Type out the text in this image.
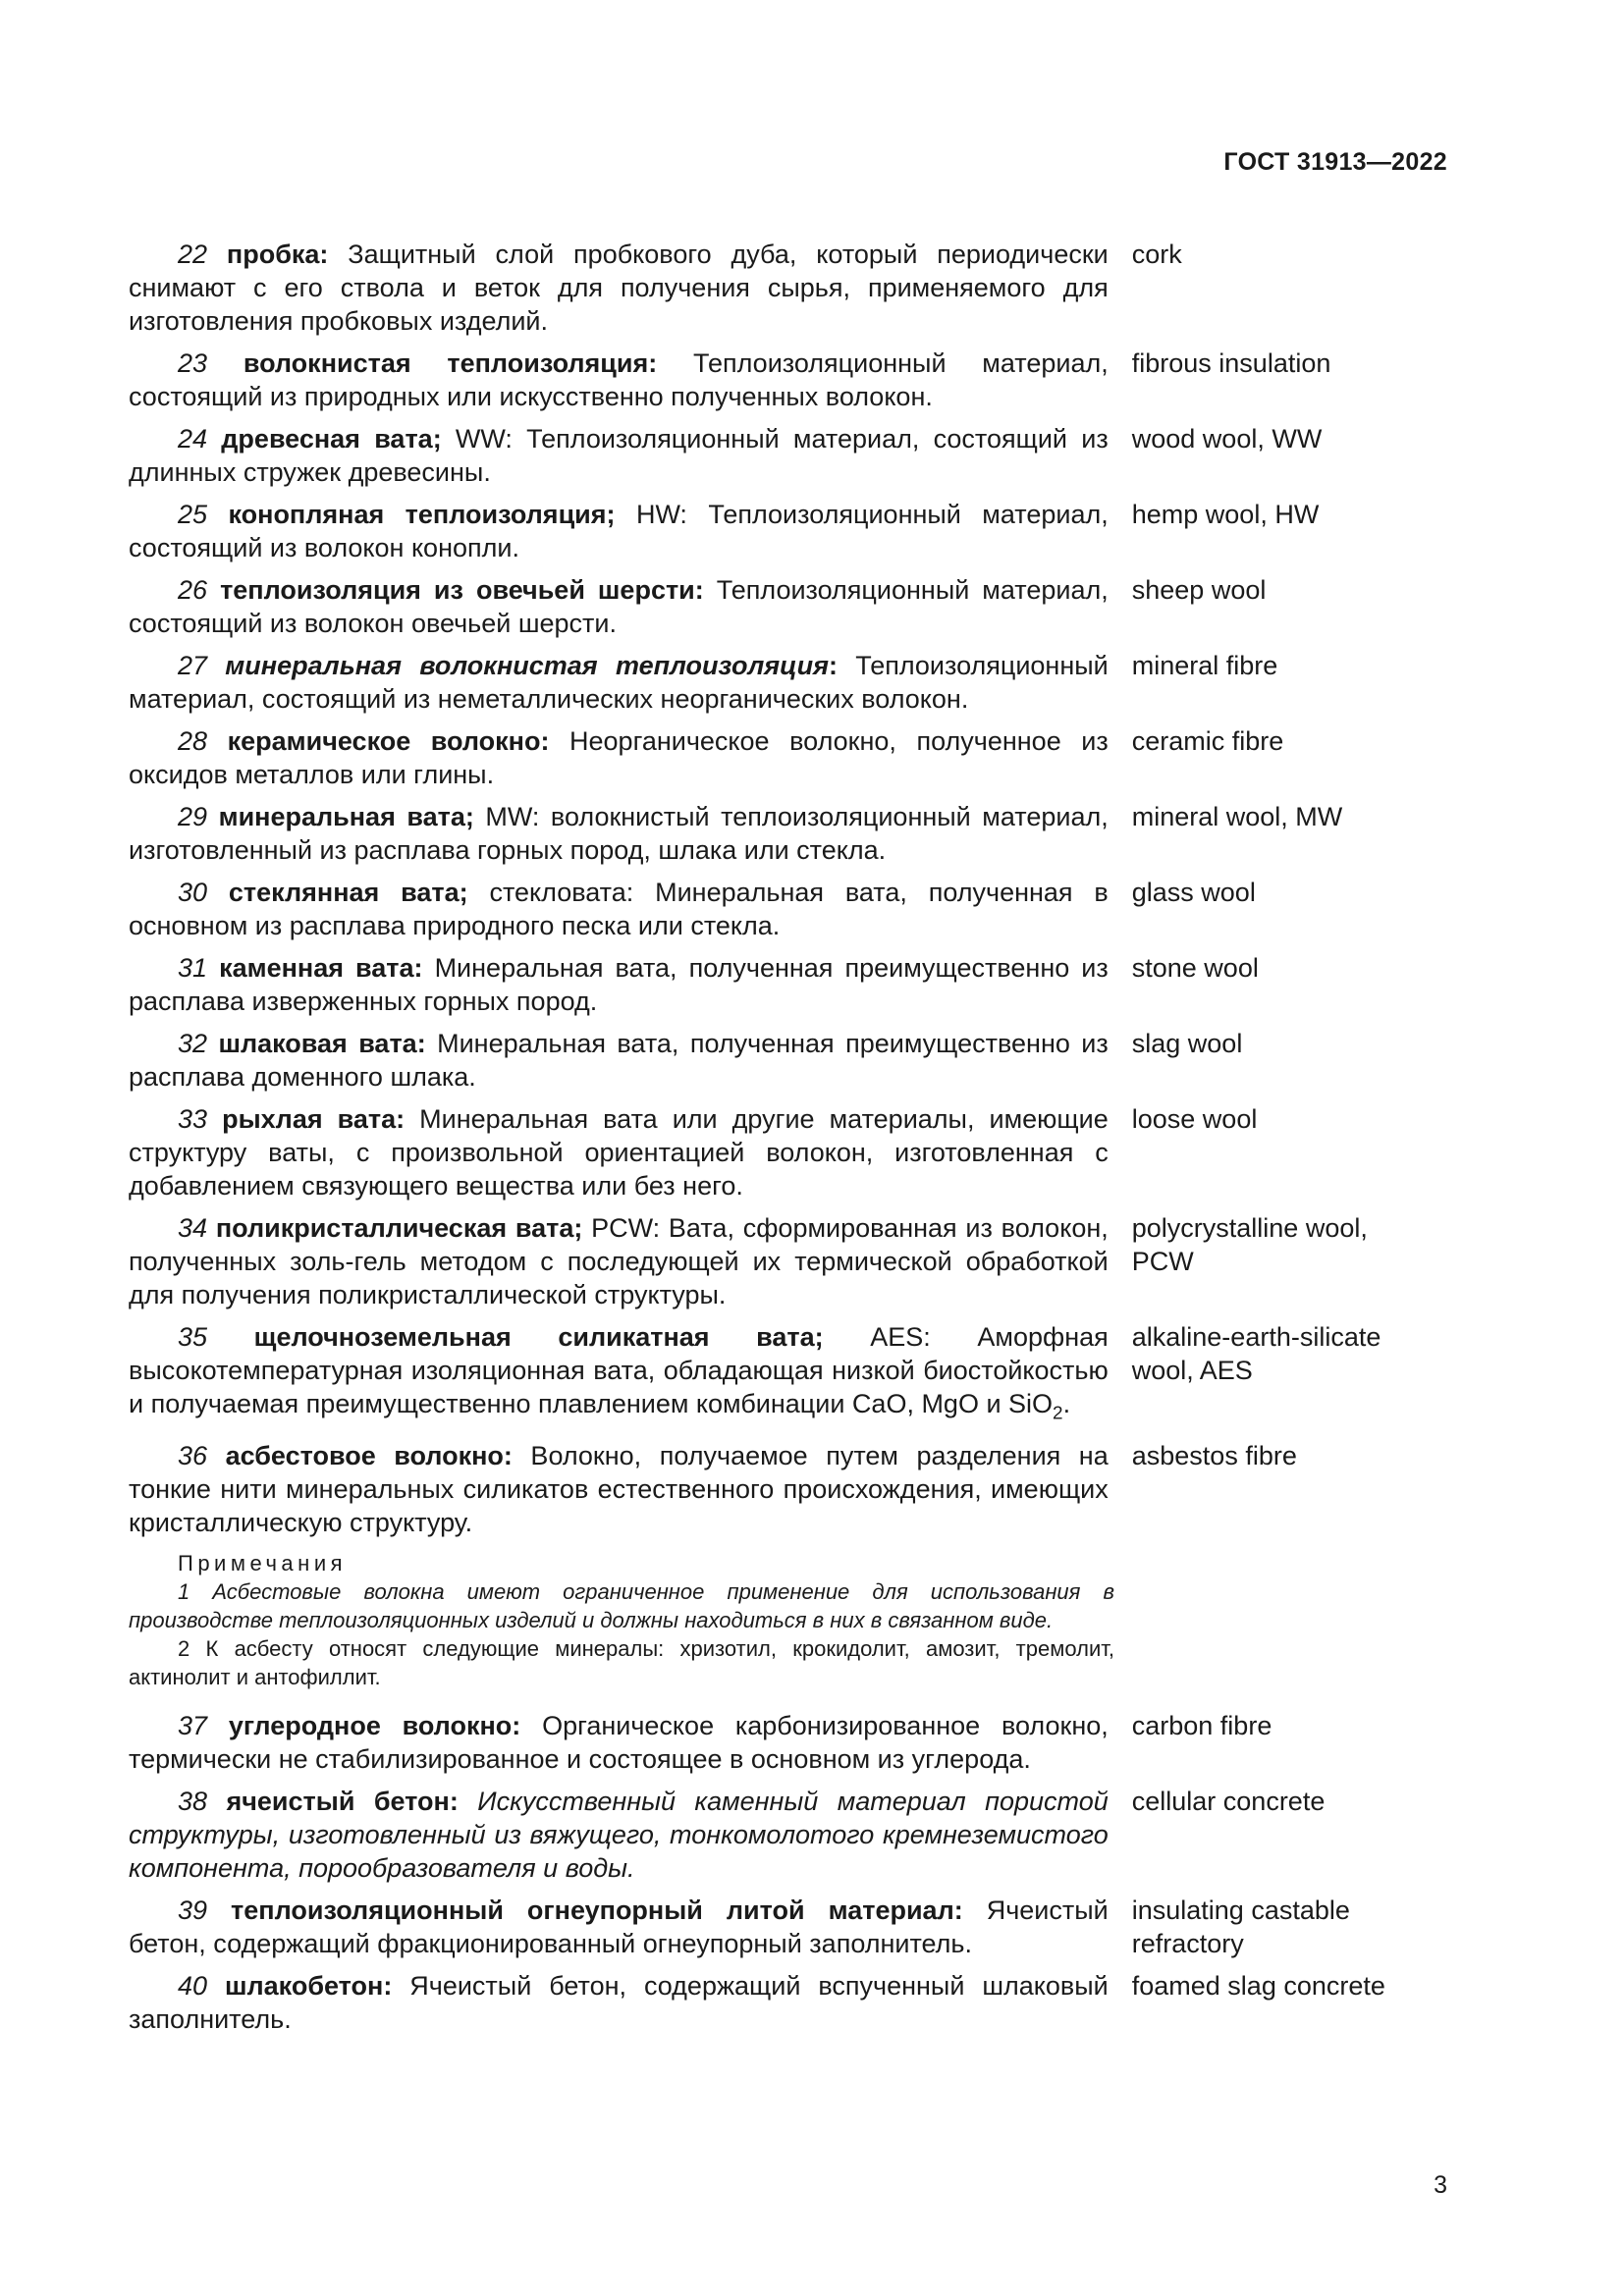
ГОСТ 31913—2022
22 пробка: Защитный слой пробкового дуба, который периодически снимают с его ствола и веток для получения сырья, применяемого для изготовления пробковых изделий.
cork
23 волокнистая теплоизоляция: Теплоизоляционный материал, состоящий из природных или искусственно полученных волокон.
fibrous insulation
24 древесная вата; WW: Теплоизоляционный материал, состоящий из длинных стружек древесины.
wood wool, WW
25 конопляная теплоизоляция; HW: Теплоизоляционный материал, состоящий из волокон конопли.
hemp wool, HW
26 теплоизоляция из овечьей шерсти: Теплоизоляционный материал, состоящий из волокон овечьей шерсти.
sheep wool
27 минеральная волокнистая теплоизоляция: Теплоизоляционный материал, состоящий из неметаллических неорганических волокон.
mineral fibre
28 керамическое волокно: Неорганическое волокно, полученное из оксидов металлов или глины.
ceramic fibre
29 минеральная вата; MW: волокнистый теплоизоляционный материал, изготовленный из расплава горных пород, шлака или стекла.
mineral wool, MW
30 стеклянная вата; стекловата: Минеральная вата, полученная в основном из расплава природного песка или стекла.
glass wool
31 каменная вата: Минеральная вата, полученная преимущественно из расплава изверженных горных пород.
stone wool
32 шлаковая вата: Минеральная вата, полученная преимущественно из расплава доменного шлака.
slag wool
33 рыхлая вата: Минеральная вата или другие материалы, имеющие структуру ваты, с произвольной ориентацией волокон, изготовленная с добавлением связующего вещества или без него.
loose wool
34 поликристаллическая вата; PCW: Вата, сформированная из волокон, полученных золь-гель методом с последующей их термической обработкой для получения поликристаллической структуры.
polycrystalline wool, PCW
35 щелочноземельная силикатная вата; AES: Аморфная высокотемпературная изоляционная вата, обладающая низкой биостойкостью и получаемая преимущественно плавлением комбинации CaO, MgO и SiO$_2$.
alkaline-earth-silicate wool, AES
36 асбестовое волокно: Волокно, получаемое путем разделения на тонкие нити минеральных силикатов естественного происхождения, имеющих кристаллическую структуру.
asbestos fibre
Примечания
1 Асбестовые волокна имеют ограниченное применение для использования в производстве теплоизоляционных изделий и должны находиться в них в связанном виде.
2 К асбесту относят следующие минералы: хризотил, крокидолит, амозит, тремолит, актинолит и антофиллит.
37 углеродное волокно: Органическое карбонизированное волокно, термически не стабилизированное и состоящее в основном из углерода.
carbon fibre
38 ячеистый бетон: Искусственный каменный материал пористой структуры, изготовленный из вяжущего, тонкомолотого кремнеземистого компонента, порообразователя и воды.
cellular concrete
39 теплоизоляционный огнеупорный литой материал: Ячеистый бетон, содержащий фракционированный огнеупорный заполнитель.
insulating castable refractory
40 шлакобетон: Ячеистый бетон, содержащий вспученный шлаковый заполнитель.
foamed slag concrete
3
